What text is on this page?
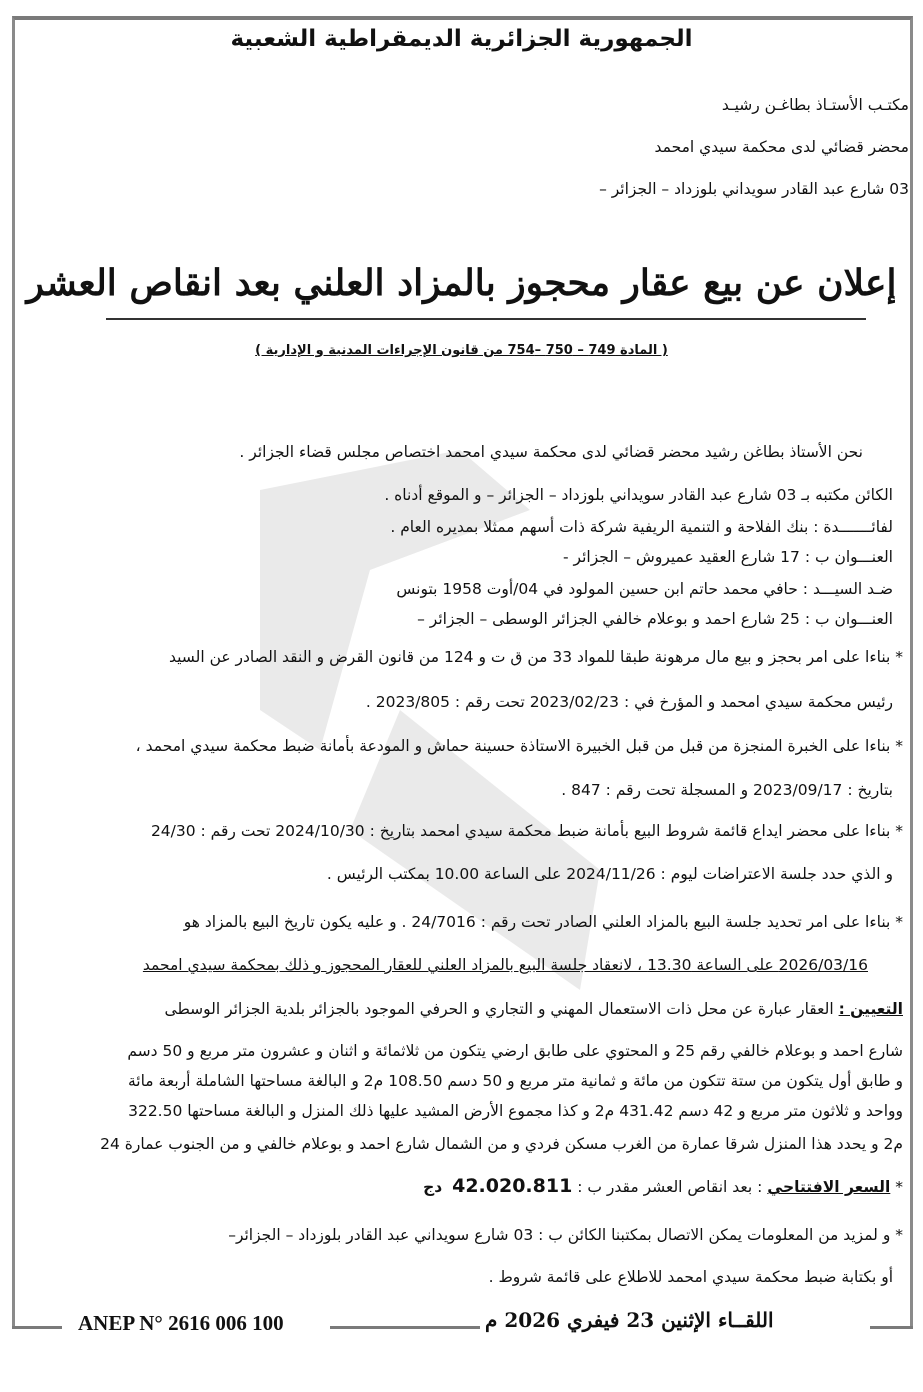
الجمهورية الجزائرية الديمقراطية الشعبية
مكتـب الأستـاذ بطاغـن رشيـد
محضر قضائي لدى محكمة سيدي امحمد
03 شارع عبد القادر سويداني بلوزداد – الجزائر –
إعلان عن بيع عقار محجوز بالمزاد العلني بعد انقاص العشر
( المادة 749 – 750 –754 من قانون الإجراءات المدنية و الإدارية )
نحن الأستاذ بطاغن رشيد محضر قضائي لدى محكمة سيدي امحمد اختصاص مجلس قضاء الجزائر .
الكائن مكتبه بـ 03 شارع عبد القادر سويداني بلوزداد – الجزائر – و الموقع أدناه .
لفائـــــــدة : بنك الفلاحة و التنمية الريفية شركة ذات أسهم ممثلا بمديره العام .
العنـــوان ب : 17 شارع العقيد عميروش – الجزائر -
ضـد السيـــد : حافي محمد حاتم ابن حسين المولود في 04/أوت 1958 بتونس
العنـــوان ب : 25 شارع احمد و بوعلام خالفي الجزائر الوسطى – الجزائر –
* بناءا على امر بحجز و بيع مال مرهونة طبقا للمواد 33 من ق ت و 124 من قانون القرض و النقد الصادر عن السيد
رئيس محكمة سيدي امحمد و المؤرخ في : 2023/02/23 تحت رقم : 2023/805 .
* بناءا على الخبرة المنجزة من قبل من قبل الخبيرة الاستاذة حسينة حماش و المودعة بأمانة ضبط محكمة سيدي امحمد ،
بتاريخ : 2023/09/17 و المسجلة تحت رقم : 847 .
* بناءا على محضر ايداع قائمة شروط البيع بأمانة ضبط محكمة سيدي امحمد بتاريخ : 2024/10/30 تحت رقم : 24/30
و الذي حدد جلسة الاعتراضات ليوم : 2024/11/26 على الساعة 10.00 بمكتب الرئيس .
* بناءا على امر تحديد جلسة البيع بالمزاد العلني الصادر تحت رقم : 24/7016 . و عليه يكون تاريخ البيع بالمزاد هو
2026/03/16 على الساعة 13.30 ، لانعقاد جلسة البيع بالمزاد العلني للعقار المحجوز و ذلك بمحكمة سيدي امحمد
التعيين : العقار عبارة عن محل ذات الاستعمال المهني و التجاري و الحرفي الموجود بالجزائر بلدية الجزائر الوسطى
شارع احمد و بوعلام خالفي رقم 25 و المحتوي على طابق ارضي يتكون من ثلاثمائة و اثنان و عشرون متر مربع و 50 دسم
و طابق أول يتكون من ستة تتكون من مائة و ثمانية متر مربع و 50 دسم 108.50 م2 و البالغة مساحتها الشاملة أربعة مائة
وواحد و ثلاثون متر مربع و 42 دسم 431.42 م2 و كذا مجموع الأرض المشيد عليها ذلك المنزل و البالغة مساحتها 322.50
م2 و يحدد هذا المنزل شرقا عمارة من الغرب مسكن فردي و من الشمال شارع احمد و بوعلام خالفي و من الجنوب عمارة 24
* السعر الافتتاحي : بعد انقاص العشر مقدر ب : 42.020.811  دج
* و لمزيد من المعلومات يمكن الاتصال بمكتبنا الكائن ب : 03 شارع سويداني عبد القادر بلوزداد – الجزائر–
أو بكتابة ضبط محكمة سيدي امحمد للاطلاع على قائمة شروط .
ANEP N° 2616 006 100	اللقــاء الإثنين 23 فيفري 2026 م
